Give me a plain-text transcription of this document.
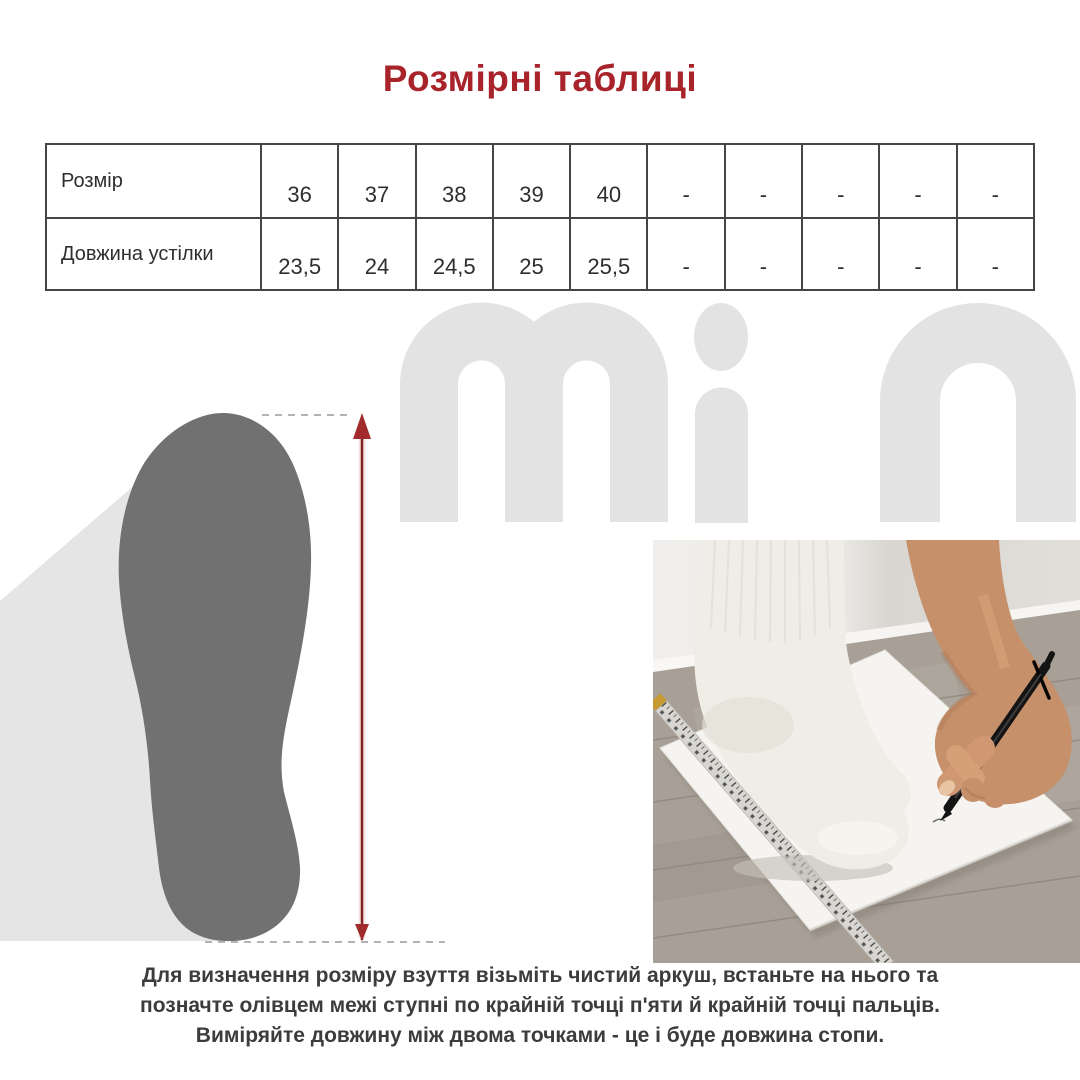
Розмірні таблиці
Розмір	36	37	38	39	40	-	-	-	-	-
Довжина устілки	23,5	24	24,5	25	25,5	-	-	-	-	-
Для визначення розміру взуття візьміть чистий аркуш, встаньте на нього та
позначте олівцем межі ступні по крайній точці п'яти й крайній точці пальців.
Виміряйте довжину між двома точками - це і буде довжина стопи.
